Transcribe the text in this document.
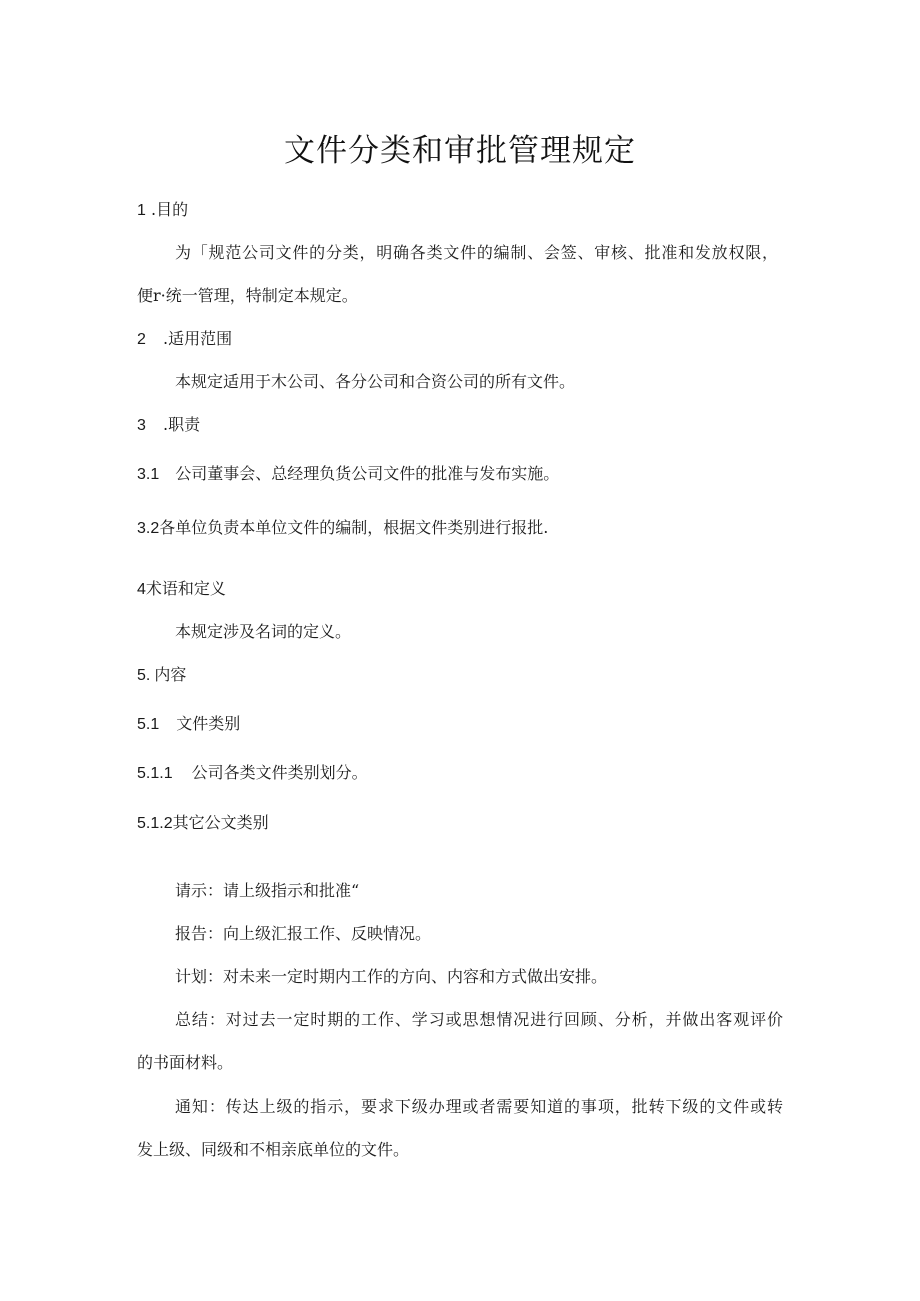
文件分类和审批管理规定
1 .目的
为「规范公司文件的分类，明确各类文件的编制、会签、审核、批准和发放权限，
便r·统一管理，特制定本规定。
2 .适用范围
本规定适用于木公司、各分公司和合资公司的所有文件。
3 .职责
3.1 公司董事会、总经理负货公司文件的批准与发布实施。
3.2各单位负责本单位文件的编制，根据文件类别进行报批.
4术语和定义
本规定涉及名词的定义。
5. 内容
5.1 文件类别
5.1.1 公司各类文件类别划分。
5.1.2其它公文类别
请示：请上级指示和批准“
报告：向上级汇报工作、反映情况。
计划：对未来一定时期内工作的方向、内容和方式做出安排。
总结：对过去一定时期的工作、学习或思想情况进行回顾、分析，并做出客观评价
的书面材料。
通知：传达上级的指示，要求下级办理或者需要知道的事项，批转下级的文件或转
发上级、同级和不相亲底单位的文件。
